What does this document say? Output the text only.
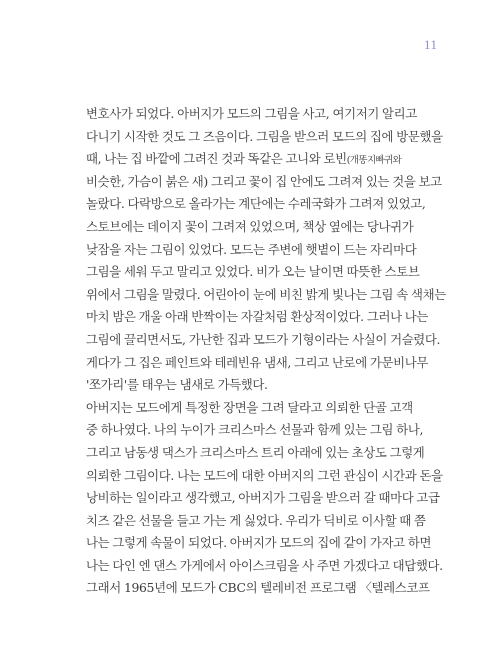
11
변호사가 되었다. 아버지가 모드의 그림을 사고, 여기저기 알리고
다니기 시작한 것도 그 즈음이다. 그림을 받으러 모드의 집에 방문했을
때, 나는 집 바깥에 그려진 것과 똑같은 고니와 로빈(개똥지빠귀와
비슷한, 가슴이 붉은 새) 그리고 꽃이 집 안에도 그려져 있는 것을 보고
놀랐다. 다락방으로 올라가는 계단에는 수레국화가 그려져 있었고,
스토브에는 데이지 꽃이 그려져 있었으며, 책상 옆에는 당나귀가
낮잠을 자는 그림이 있었다. 모드는 주변에 햇볕이 드는 자리마다
그림을 세워 두고 말리고 있었다. 비가 오는 날이면 따뜻한 스토브
위에서 그림을 말렸다. 어린아이 눈에 비친 밝게 빛나는 그림 속 색채는
마치 밤은 개울 아래 반짝이는 자갈처럼 환상적이었다. 그러나 나는
그림에 끌리면서도, 가난한 집과 모드가 기형이라는 사실이 거슬렸다.
게다가 그 집은 페인트와 테레빈유 냄새, 그리고 난로에 가문비나무
'쪼가리'를 태우는 냄새로 가득했다.
아버지는 모드에게 특정한 장면을 그려 달라고 의뢰한 단골 고객
중 하나였다. 나의 누이가 크리스마스 선물과 함께 있는 그림 하나,
그리고 남동생 댁스가 크리스마스 트리 아래에 있는 초상도 그렇게
의뢰한 그림이다. 나는 모드에 대한 아버지의 그런 관심이 시간과 돈을
낭비하는 일이라고 생각했고, 아버지가 그림을 받으러 갈 때마다 고급
치즈 같은 선물을 들고 가는 게 싫었다. 우리가 딕비로 이사할 때 쯤
나는 그렇게 속물이 되었다. 아버지가 모드의 집에 같이 가자고 하면
나는 다인 엔 댄스 가게에서 아이스크림을 사 주면 가겠다고 대답했다.
그래서 1965년에 모드가 CBC의 텔레비전 프로그램 〈텔레스코프
